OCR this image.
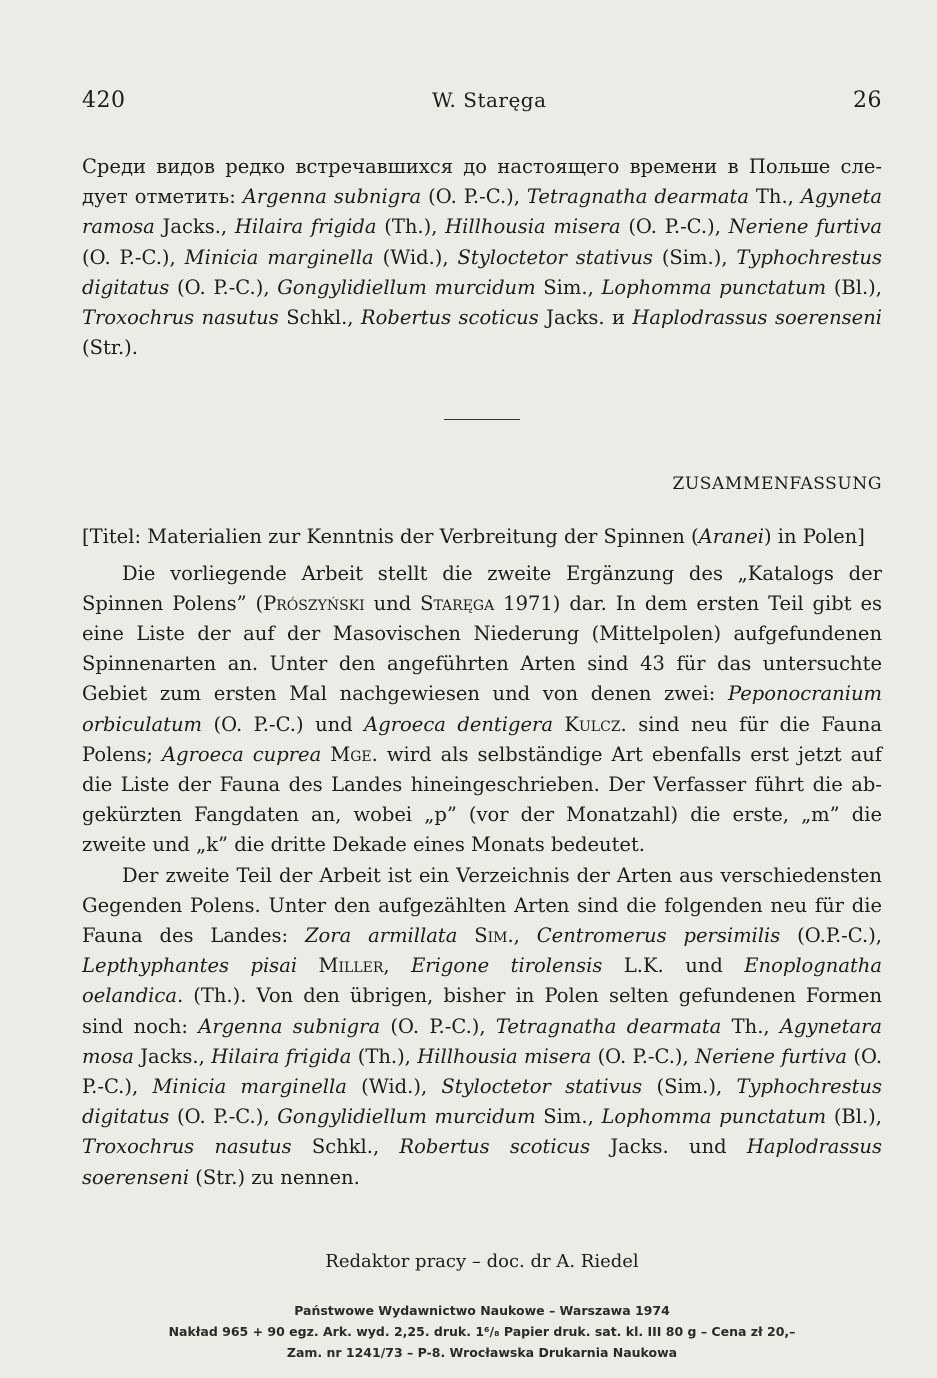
420	W. Staręga	26

Среди видов редко встречавшихся до настоящего времени в Польше следует отметить: Argenna subnigra (O. P.-C.), Tetragnatha dearmata Th., Agyneta ramosa Jacks., Hilaira frigida (Th.), Hillhousia misera (O. P.-C.), Neriene furtiva (O. P.-C.), Minicia marginella (Wid.), Styloctetor stativus (Sim.), Typhochrestus digitatus (O. P.-C.), Gongylidiellum murcidum Sim., Lophomma punctatum (Bl.), Troxochrus nasutus Schkl., Robertus scoticus Jacks. и Haplodrassus soerenseni (Str.).

ZUSAMMENFASSUNG

[Titel: Materialien zur Kenntnis der Verbreitung der Spinnen (Aranei) in Polen]

Die vorliegende Arbeit stellt die zweite Ergänzung des „Katalogs der Spinnen Polens” (Prószyński und Staręga 1971) dar. In dem ersten Teil gibt es eine Liste der auf der Masovischen Niederung (Mittelpolen) aufgefundenen Spinnenarten an. Unter den angeführten Arten sind 43 für das untersuchte Gebiet zum ersten Mal nachgewiesen und von denen zwei: Peponocranium orbiculatum (O. P.-C.) und Agroeca dentigera Kulcz. sind neu für die Fauna Polens; Agroeca cuprea Mge. wird als selbständige Art ebenfalls erst jetzt auf die Liste der Fauna des Landes hineingeschrieben. Der Verfasser führt die abgekürzten Fangdaten an, wobei „p” (vor der Monatzahl) die erste, „m” die zweite und „k” die dritte Dekade eines Monats bedeutet.

Der zweite Teil der Arbeit ist ein Verzeichnis der Arten aus verschiedensten Gegenden Polens. Unter den aufgezählten Arten sind die folgenden neu für die Fauna des Landes: Zora armillata Sim., Centromerus persimilis (O.P.-C.), Lepthyphantes pisai Miller, Erigone tirolensis L.K. und Enoplognatha oelandica. (Th.). Von den übrigen, bisher in Polen selten gefundenen Formen sind noch: Argenna subnigra (O. P.-C.), Tetragnatha dearmata Th., Agynetara mosa Jacks., Hilaira frigida (Th.), Hillhousia misera (O. P.-C.), Neriene furtiva (O. P.-C.), Minicia marginella (Wid.), Styloctetor stativus (Sim.), Typhochrestus digitatus (O. P.-C.), Gongylidiellum murcidum Sim., Lophomma punctatum (Bl.), Troxochrus nasutus Schkl., Robertus scoticus Jacks. und Haplodrassus soerenseni (Str.) zu nennen.

Redaktor pracy – doc. dr A. Riedel
Państwowe Wydawnictwo Naukowe – Warszawa 1974
Nakład 965 + 90 egz. Ark. wyd. 2,25. druk. 1⁶/₈ Papier druk. sat. kl. III 80 g – Cena zł 20,–
Zam. nr 1241/73 – P-8. Wrocławska Drukarnia Naukowa
